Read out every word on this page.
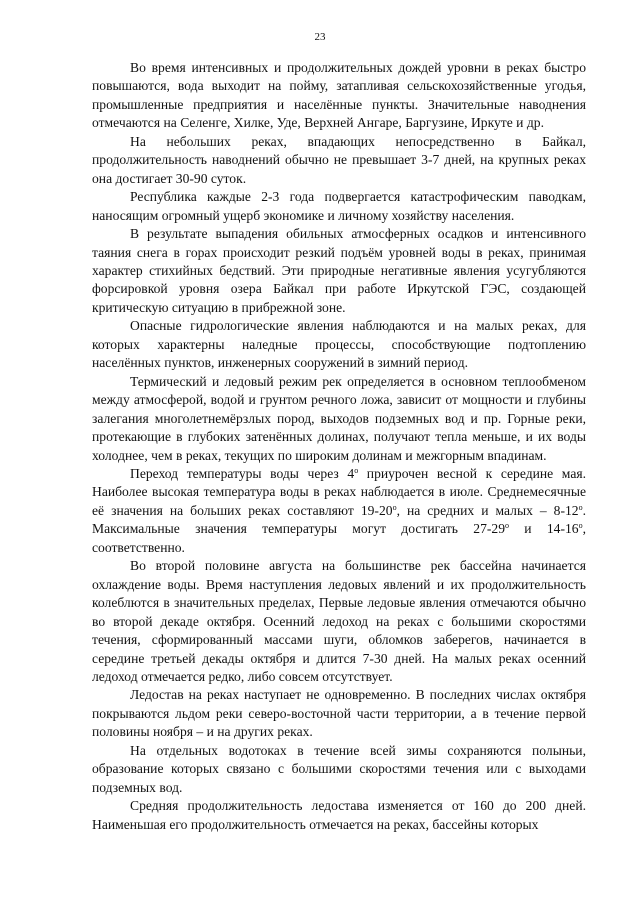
23

Во время интенсивных и продолжительных дождей уровни в реках быстро повышаются, вода выходит на пойму, затапливая сельскохозяйственные угодья, промышленные предприятия и населённые пункты. Значительные наводнения отмечаются на Селенге, Хилке, Уде, Верхней Ангаре, Баргузине, Иркуте и др.

На небольших реках, впадающих непосредственно в Байкал, продолжительность наводнений обычно не превышает 3-7 дней, на крупных реках она достигает 30-90 суток.

Республика каждые 2-3 года подвергается катастрофическим паводкам, наносящим огромный ущерб экономике и личному хозяйству населения.

В результате выпадения обильных атмосферных осадков и интенсивного таяния снега в горах происходит резкий подъём уровней воды в реках, принимая характер стихийных бедствий. Эти природные негативные явления усугубляются форсировкой уровня озера Байкал при работе Иркутской ГЭС, создающей критическую ситуацию в прибрежной зоне.

Опасные гидрологические явления наблюдаются и на малых реках, для которых характерны наледные процессы, способствующие подтоплению населённых пунктов, инженерных сооружений в зимний период.

Термический и ледовый режим рек определяется в основном теплообменом между атмосферой, водой и грунтом речного ложа, зависит от мощности и глубины залегания многолетнемёрзлых пород, выходов подземных вод и пр. Горные реки, протекающие в глубоких затенённых долинах, получают тепла меньше, и их воды холоднее, чем в реках, текущих по широким долинам и межгорным впадинам.

Переход температуры воды через $4^о$ приурочен весной к середине мая. Наиболее высокая температура воды в реках наблюдается в июле. Среднемесячные её значения на больших реках составляют $19-20^о$, на средних и малых – $8-12^о$. Максимальные значения температуры могут достигать $27-29^о$ и $14-16^о$, соответственно.

Во второй половине августа на большинстве рек бассейна начинается охлаждение воды. Время наступления ледовых явлений и их продолжительность колеблются в значительных пределах, Первые ледовые явления отмечаются обычно во второй декаде октября. Осенний ледоход на реках с большими скоростями течения, сформированный массами шуги, обломков заберегов, начинается в середине третьей декады октября и длится 7-30 дней. На малых реках осенний ледоход отмечается редко, либо совсем отсутствует.

Ледостав на реках наступает не одновременно. В последних числах октября покрываются льдом реки северо-восточной части территории, а в течение первой половины ноября – и на других реках.

На отдельных водотоках в течение всей зимы сохраняются полыньи, образование которых связано с большими скоростями течения или с выходами подземных вод.

Средняя продолжительность ледостава изменяется от 160 до 200 дней. Наименьшая его продолжительность отмечается на реках, бассейны которых
